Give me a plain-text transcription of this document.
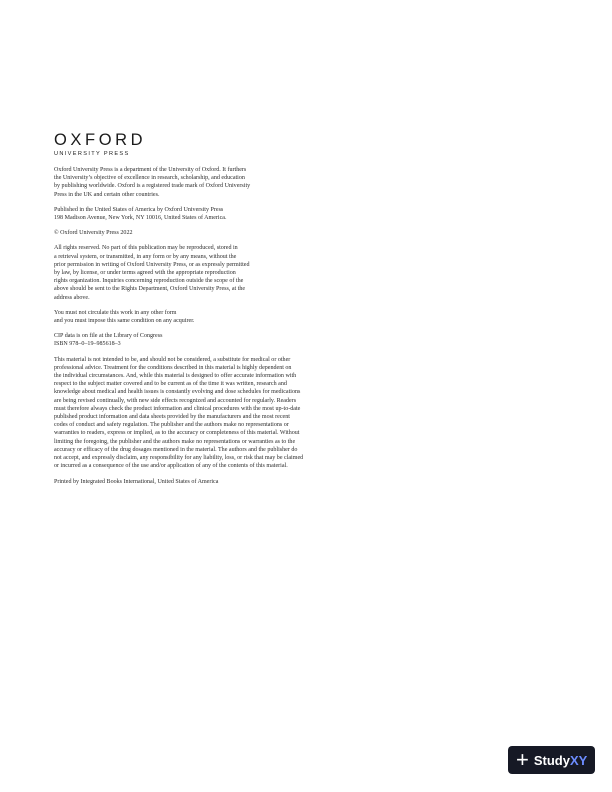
OXFORD
UNIVERSITY PRESS

Oxford University Press is a department of the University of Oxford. It furthers
the University’s objective of excellence in research, scholarship, and education
by publishing worldwide. Oxford is a registered trade mark of Oxford University
Press in the UK and certain other countries.

Published in the United States of America by Oxford University Press
198 Madison Avenue, New York, NY 10016, United States of America.

© Oxford University Press 2022

All rights reserved. No part of this publication may be reproduced, stored in
a retrieval system, or transmitted, in any form or by any means, without the
prior permission in writing of Oxford University Press, or as expressly permitted
by law, by license, or under terms agreed with the appropriate reproduction
rights organization. Inquiries concerning reproduction outside the scope of the
above should be sent to the Rights Department, Oxford University Press, at the
address above.

You must not circulate this work in any other form
and you must impose this same condition on any acquirer.

CIP data is on file at the Library of Congress
ISBN 978–0–19–985618–3

This material is not intended to be, and should not be considered, a substitute for medical or other
professional advice. Treatment for the conditions described in this material is highly dependent on
the individual circumstances. And, while this material is designed to offer accurate information with
respect to the subject matter covered and to be current as of the time it was written, research and
knowledge about medical and health issues is constantly evolving and dose schedules for medications
are being revised continually, with new side effects recognized and accounted for regularly. Readers
must therefore always check the product information and clinical procedures with the most up-to-date
published product information and data sheets provided by the manufacturers and the most recent
codes of conduct and safety regulation. The publisher and the authors make no representations or
warranties to readers, express or implied, as to the accuracy or completeness of this material. Without
limiting the foregoing, the publisher and the authors make no representations or warranties as to the
accuracy or efficacy of the drug dosages mentioned in the material. The authors and the publisher do
not accept, and expressly disclaim, any responsibility for any liability, loss, or risk that may be claimed
or incurred as a consequence of the use and/or application of any of the contents of this material.

Printed by Integrated Books International, United States of America

+ Study XY
